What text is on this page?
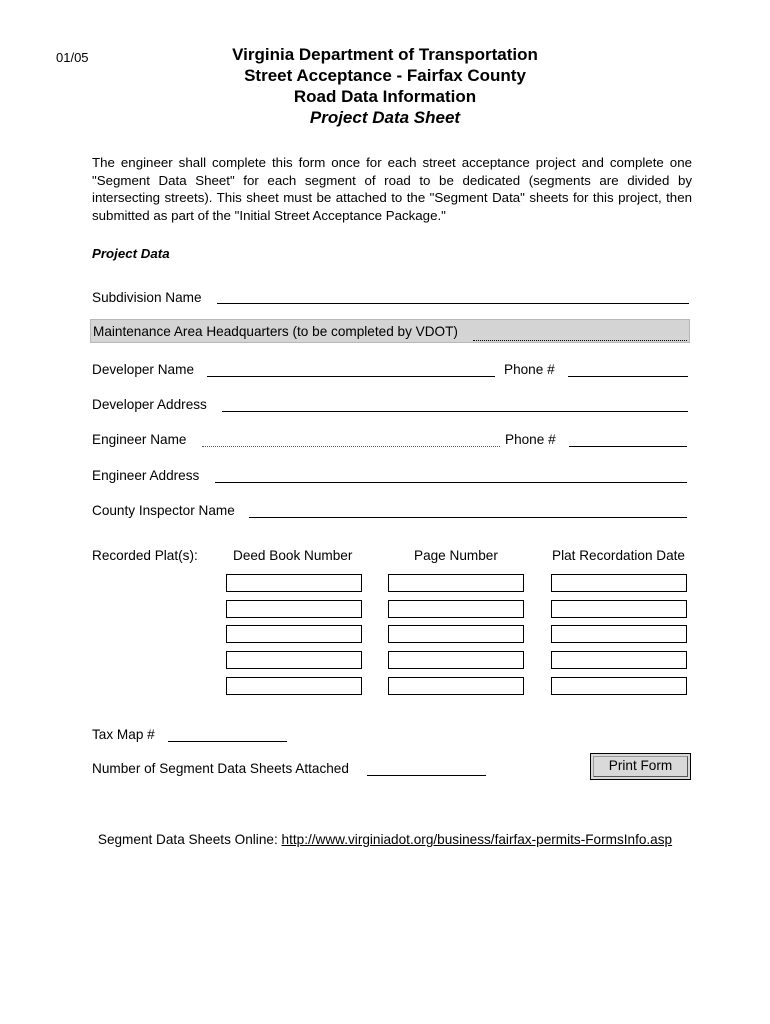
01/05	Virginia Department of Transportation
Street Acceptance - Fairfax County
Road Data Information
Project Data Sheet
The engineer shall complete this form once for each street acceptance project and complete one "Segment Data Sheet" for each segment of road to be dedicated (segments are divided by intersecting streets). This sheet must be attached to the "Segment Data" sheets for this project, then submitted as part of the "Initial Street Acceptance Package."
Project Data
Subdivision Name
Maintenance Area Headquarters (to be completed by VDOT)
Developer Name	Phone #
Developer Address
Engineer Name	Phone #
Engineer Address
County Inspector Name
Recorded Plat(s):	Deed Book Number	Page Number	Plat Recordation Date
Tax Map #
Number of Segment Data Sheets Attached	Print Form
Segment Data Sheets Online: http://www.virginiadot.org/business/fairfax-permits-FormsInfo.asp
